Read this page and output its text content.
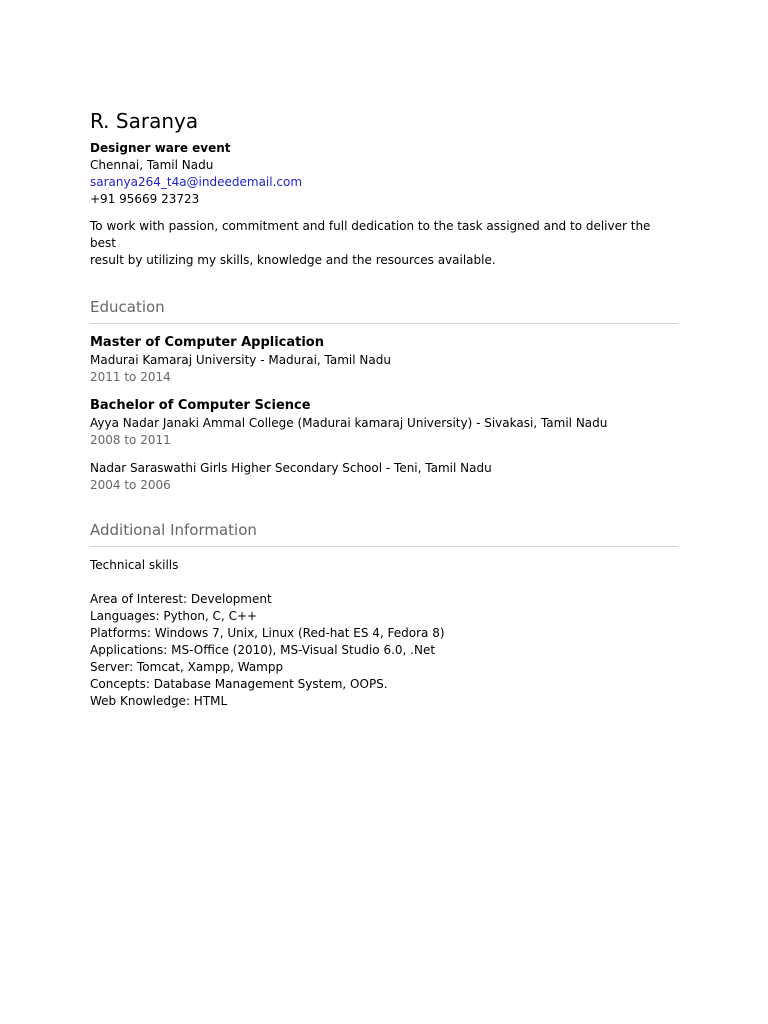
R. Saranya
Designer ware event
Chennai, Tamil Nadu
saranya264_t4a@indeedemail.com
+91 95669 23723
To work with passion, commitment and full dedication to the task assigned and to deliver the best
result by utilizing my skills, knowledge and the resources available.
Education
Master of Computer Application
Madurai Kamaraj University - Madurai, Tamil Nadu
2011 to 2014
Bachelor of Computer Science
Ayya Nadar Janaki Ammal College (Madurai kamaraj University) - Sivakasi, Tamil Nadu
2008 to 2011
Nadar Saraswathi Girls Higher Secondary School - Teni, Tamil Nadu
2004 to 2006
Additional Information
Technical skills
Area of Interest: Development
Languages: Python, C, C++
Platforms: Windows 7, Unix, Linux (Red-hat ES 4, Fedora 8)
Applications: MS-Office (2010), MS-Visual Studio 6.0, .Net
Server: Tomcat, Xampp, Wampp
Concepts: Database Management System, OOPS.
Web Knowledge: HTML
